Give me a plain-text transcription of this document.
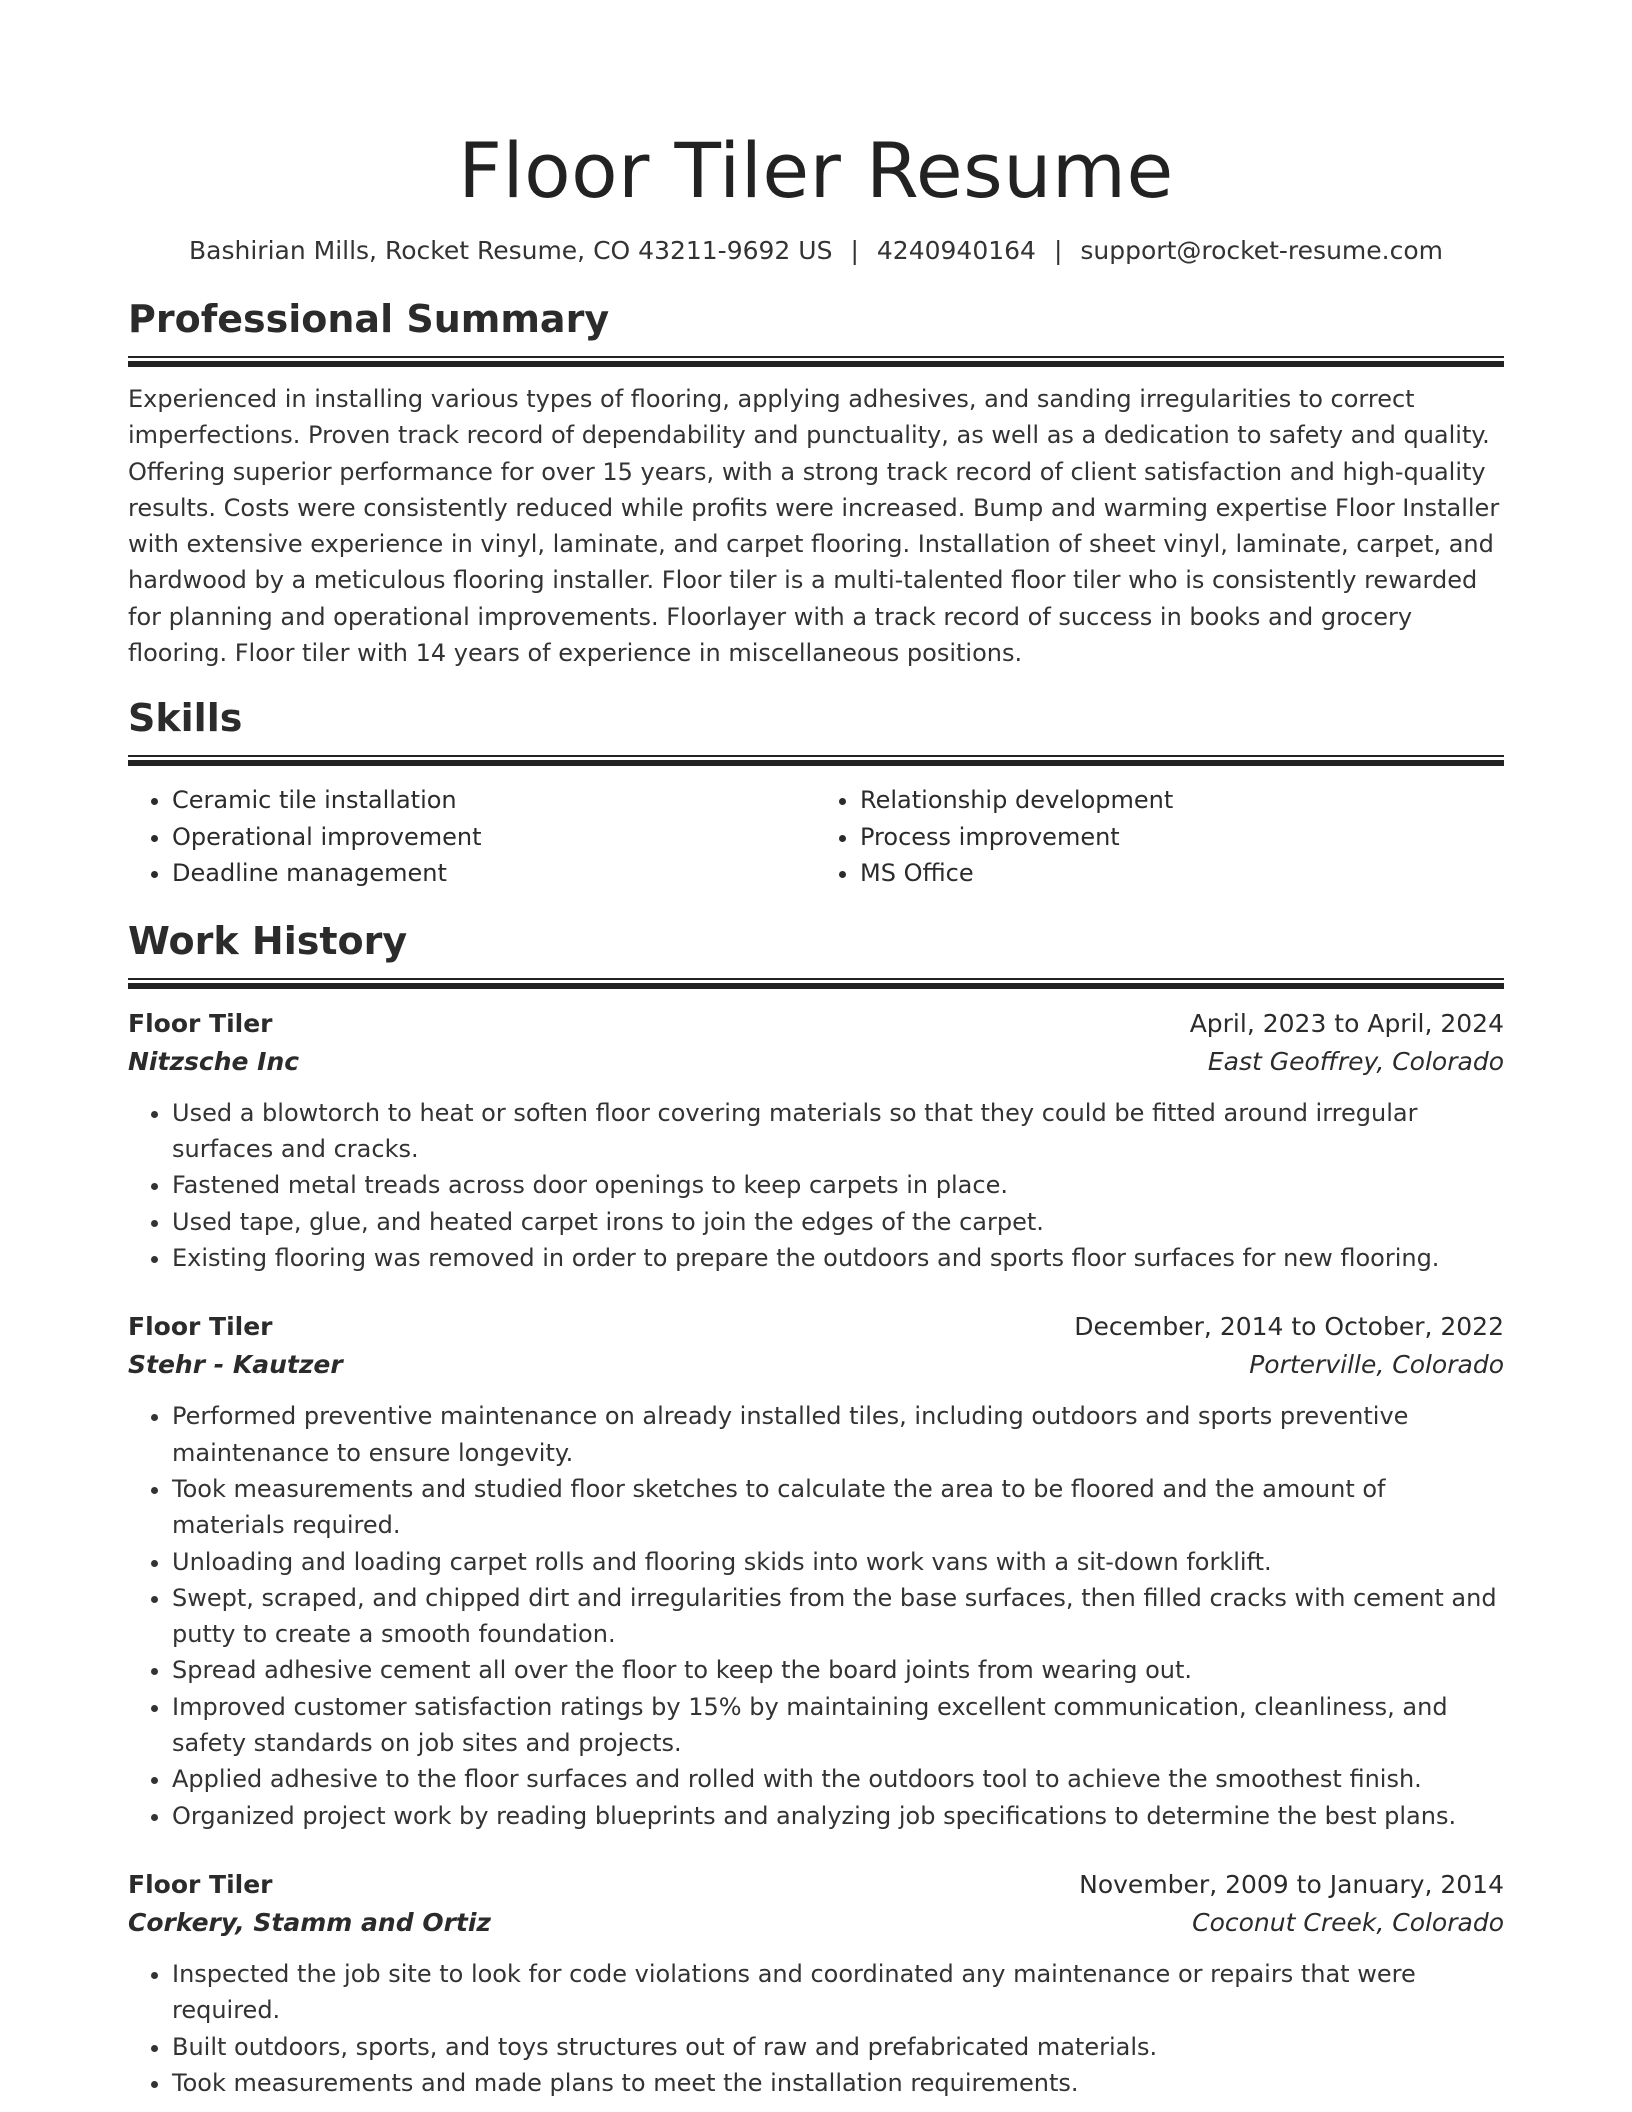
Floor Tiler Resume
Bashirian Mills, Rocket Resume, CO 43211-9692 US | 4240940164 | support@rocket-resume.com
Professional Summary

Experienced in installing various types of flooring, applying adhesives, and sanding irregularities to correct imperfections. Proven track record of dependability and punctuality, as well as a dedication to safety and quality. Offering superior performance for over 15 years, with a strong track record of client satisfaction and high-quality results. Costs were consistently reduced while profits were increased. Bump and warming expertise Floor Installer with extensive experience in vinyl, laminate, and carpet flooring. Installation of sheet vinyl, laminate, carpet, and hardwood by a meticulous flooring installer. Floor tiler is a multi-talented floor tiler who is consistently rewarded for planning and operational improvements. Floorlayer with a track record of success in books and grocery flooring. Floor tiler with 14 years of experience in miscellaneous positions.

Skills
• Ceramic tile installation
• Operational improvement
• Deadline management
• Relationship development
• Process improvement
• MS Office
Work History
Floor Tiler	April, 2023 to April, 2024
Nitzsche Inc	East Geoffrey, Colorado
• Used a blowtorch to heat or soften floor covering materials so that they could be fitted around irregular surfaces and cracks.
• Fastened metal treads across door openings to keep carpets in place.
• Used tape, glue, and heated carpet irons to join the edges of the carpet.
• Existing flooring was removed in order to prepare the outdoors and sports floor surfaces for new flooring.
Floor Tiler	December, 2014 to October, 2022
Stehr - Kautzer	Porterville, Colorado
• Performed preventive maintenance on already installed tiles, including outdoors and sports preventive maintenance to ensure longevity.
• Took measurements and studied floor sketches to calculate the area to be floored and the amount of materials required.
• Unloading and loading carpet rolls and flooring skids into work vans with a sit-down forklift.
• Swept, scraped, and chipped dirt and irregularities from the base surfaces, then filled cracks with cement and putty to create a smooth foundation.
• Spread adhesive cement all over the floor to keep the board joints from wearing out.
• Improved customer satisfaction ratings by 15% by maintaining excellent communication, cleanliness, and safety standards on job sites and projects.
• Applied adhesive to the floor surfaces and rolled with the outdoors tool to achieve the smoothest finish.
• Organized project work by reading blueprints and analyzing job specifications to determine the best plans.
Floor Tiler	November, 2009 to January, 2014
Corkery, Stamm and Ortiz	Coconut Creek, Colorado
• Inspected the job site to look for code violations and coordinated any maintenance or repairs that were required.
• Built outdoors, sports, and toys structures out of raw and prefabricated materials.
• Took measurements and made plans to meet the installation requirements.
